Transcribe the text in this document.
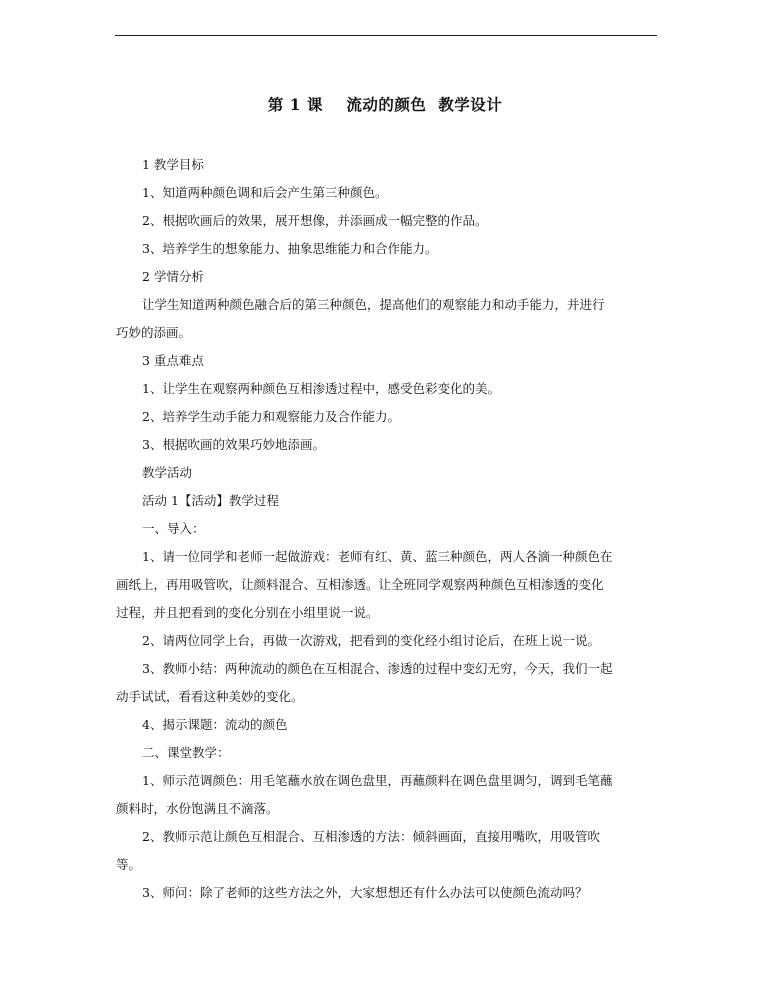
第 1 课    流动的颜色  教学设计

1 教学目标

1、知道两种颜色调和后会产生第三种颜色。

2、根据吹画后的效果，展开想像，并添画成一幅完整的作品。

3、培养学生的想象能力、抽象思维能力和合作能力。

2 学情分析

让学生知道两种颜色融合后的第三种颜色，提高他们的观察能力和动手能力，并进行
巧妙的添画。

3 重点难点

1、让学生在观察两种颜色互相渗透过程中，感受色彩变化的美。

2、培养学生动手能力和观察能力及合作能力。

3、根据吹画的效果巧妙地添画。

教学活动

活动 1【活动】教学过程

一、导入：

1、请一位同学和老师一起做游戏：老师有红、黄、蓝三种颜色，两人各滴一种颜色在
画纸上，再用吸管吹，让颜料混合、互相渗透。让全班同学观察两种颜色互相渗透的变化
过程，并且把看到的变化分别在小组里说一说。

2、请两位同学上台，再做一次游戏，把看到的变化经小组讨论后，在班上说一说。

3、教师小结：两种流动的颜色在互相混合、渗透的过程中变幻无穷，今天，我们一起
动手试试，看看这种美妙的变化。

4、揭示课题：流动的颜色

二、课堂教学：

1、师示范调颜色：用毛笔蘸水放在调色盘里，再蘸颜料在调色盘里调匀，调到毛笔蘸
颜料时，水份饱满且不滴落。

2、教师示范让颜色互相混合、互相渗透的方法：倾斜画面，直接用嘴吹，用吸管吹
等。

3、师问：除了老师的这些方法之外，大家想想还有什么办法可以使颜色流动吗？
